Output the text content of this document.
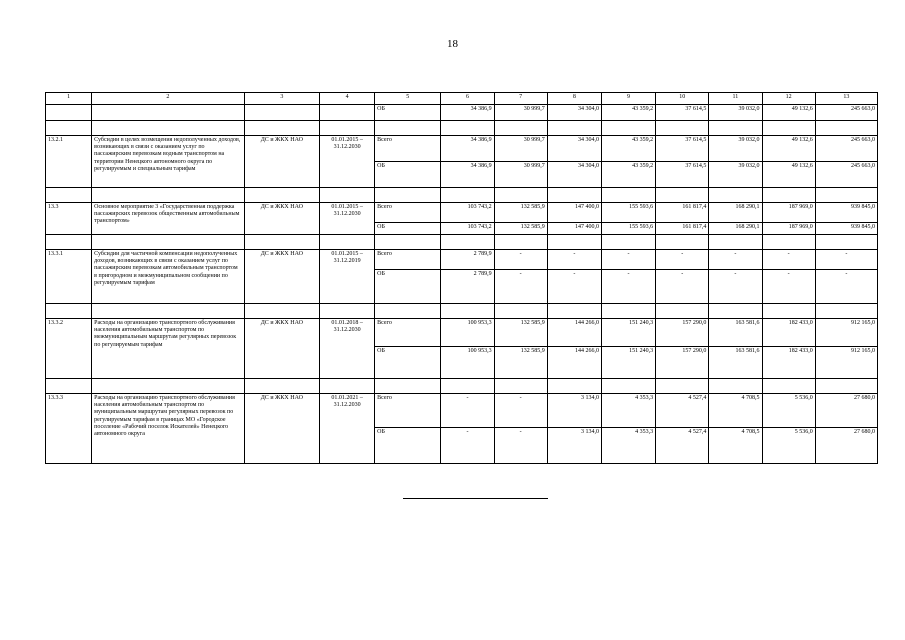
18
1	2	3	4	5	6	7	8	9	10	11	12	13
				ОБ	34 386,9	30 999,7	34 304,0	43 359,2	37 614,5	39 032,0	49 132,6	245 663,0

13.2.1	Субсидии в целях возмещения недополученных доходов, возникающих в связи с оказанием услуг по пассажирским перевозкам водным транспортом на территории Ненецкого автономного округа по регулируемым и специальным тарифам	ДС и ЖКХ НАО	01.01.2015 – 31.12.2030	Всего	34 386,9	30 999,7	34 304,0	43 359,2	37 614,5	39 032,0	49 132,6	245 663,0
				ОБ	34 386,9	30 999,7	34 304,0	43 359,2	37 614,5	39 032,0	49 132,6	245 663,0

13.3	Основное мероприятие 3 «Государственная поддержка пассажирских перевозок общественным автомобильным транспортом»	ДС и ЖКХ НАО	01.01.2015 – 31.12.2030	Всего	103 743,2	132 585,9	147 400,0	155 593,6	161 817,4	168 290,1	187 969,0	939 845,0
				ОБ	103 743,2	132 585,9	147 400,0	155 593,6	161 817,4	168 290,1	187 969,0	939 845,0

13.3.1	Субсидии для частичной компенсации недополученных доходов, возникающих в связи с оказанием услуг по пассажирским перевозкам автомобильным транспортом в пригородном и межмуниципальном сообщении по регулируемым тарифам	ДС и ЖКХ НАО	01.01.2015 – 31.12.2019	Всего	2 789,9	-	-	-	-	-	-	-
				ОБ	2 789,9	-	-	-	-	-	-	-

13.3.2	Расходы на организацию транспортного обслуживания населения автомобильным транспортом по межмуниципальным маршрутам регулярных перевозок по регулируемым тарифам	ДС и ЖКХ НАО	01.01.2018 – 31.12.2030	Всего	100 953,3	132 585,9	144 266,0	151 240,3	157 290,0	163 581,6	182 433,0	912 165,0
				ОБ	100 953,3	132 585,9	144 266,0	151 240,3	157 290,0	163 581,6	182 433,0	912 165,0

13.3.3	Расходы на организацию транспортного обслуживания населения автомобильным транспортом по муниципальным маршрутам регулярных перевозок по регулируемым тарифам в границах МО «Городское поселение «Рабочий поселок Искателей» Ненецкого автономного округа	ДС и ЖКХ НАО	01.01.2021 – 31.12.2030	Всего	-	-	3 134,0	4 353,3	4 527,4	4 708,5	5 536,0	27 680,0
				ОБ	-	-	3 134,0	4 353,3	4 527,4	4 708,5	5 536,0	27 680,0
